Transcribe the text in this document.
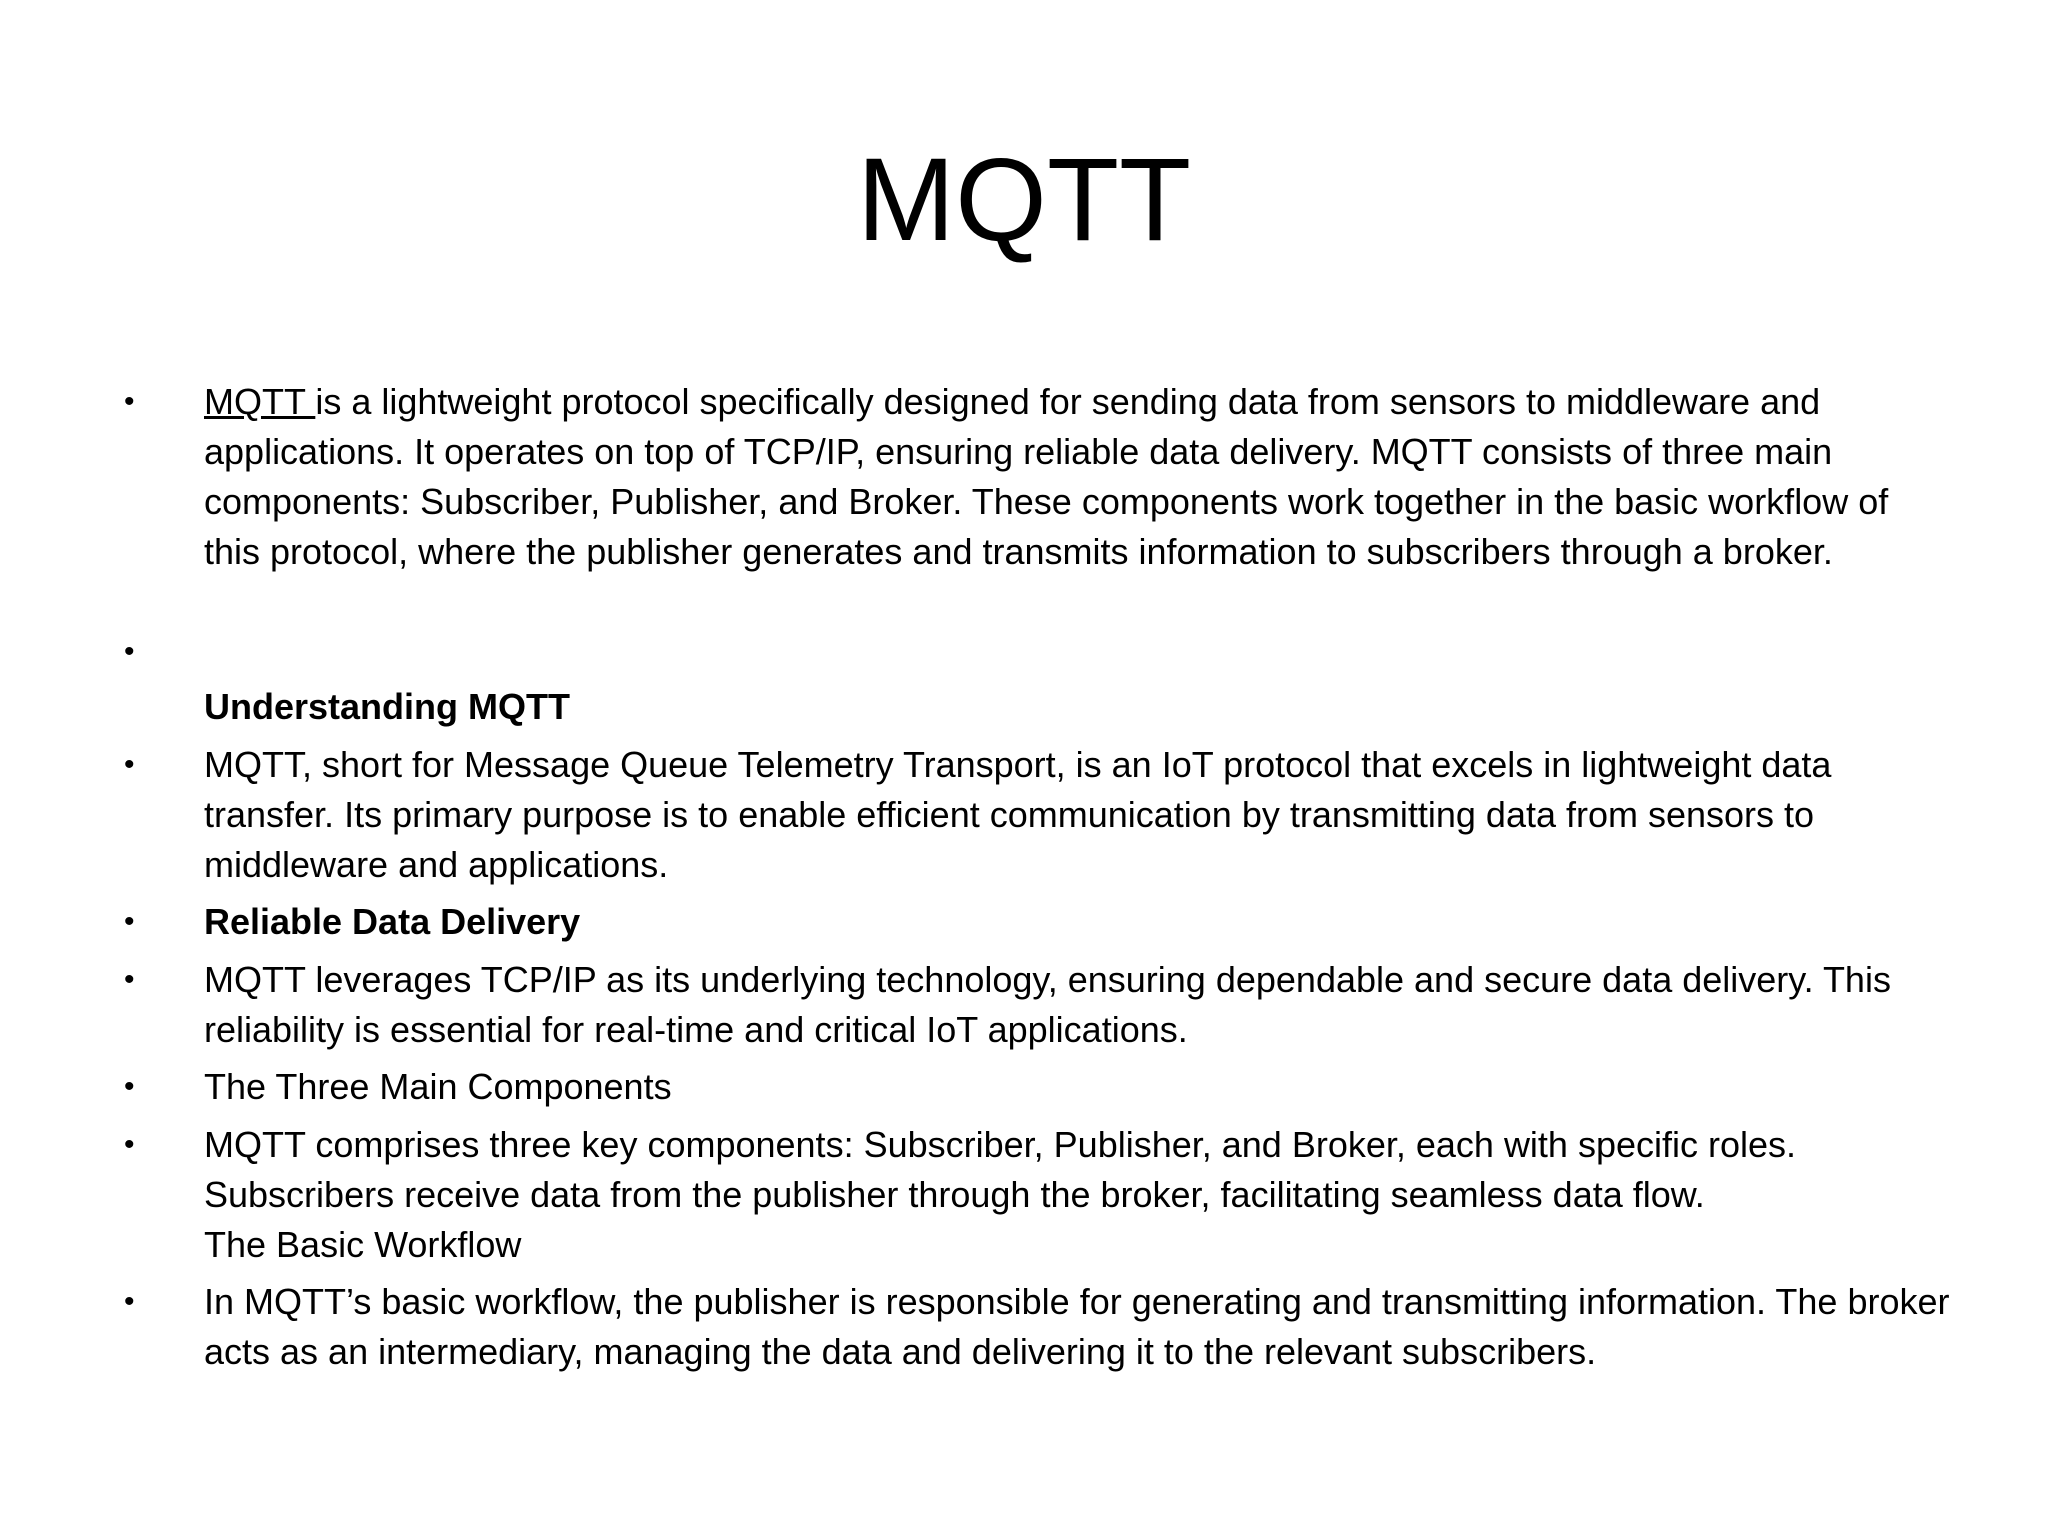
MQTT
• MQTT is a lightweight protocol specifically designed for sending data from sensors to middleware and applications. It operates on top of TCP/IP, ensuring reliable data delivery. MQTT consists of three main components: Subscriber, Publisher, and Broker. These components work together in the basic workflow of this protocol, where the publisher generates and transmits information to subscribers through a broker.
•
Understanding MQTT
• MQTT, short for Message Queue Telemetry Transport, is an IoT protocol that excels in lightweight data transfer. Its primary purpose is to enable efficient communication by transmitting data from sensors to middleware and applications.
• Reliable Data Delivery
• MQTT leverages TCP/IP as its underlying technology, ensuring dependable and secure data delivery. This reliability is essential for real-time and critical IoT applications.
• The Three Main Components
• MQTT comprises three key components: Subscriber, Publisher, and Broker, each with specific roles. Subscribers receive data from the publisher through the broker, facilitating seamless data flow.
The Basic Workflow
• In MQTT’s basic workflow, the publisher is responsible for generating and transmitting information. The broker acts as an intermediary, managing the data and delivering it to the relevant subscribers.
